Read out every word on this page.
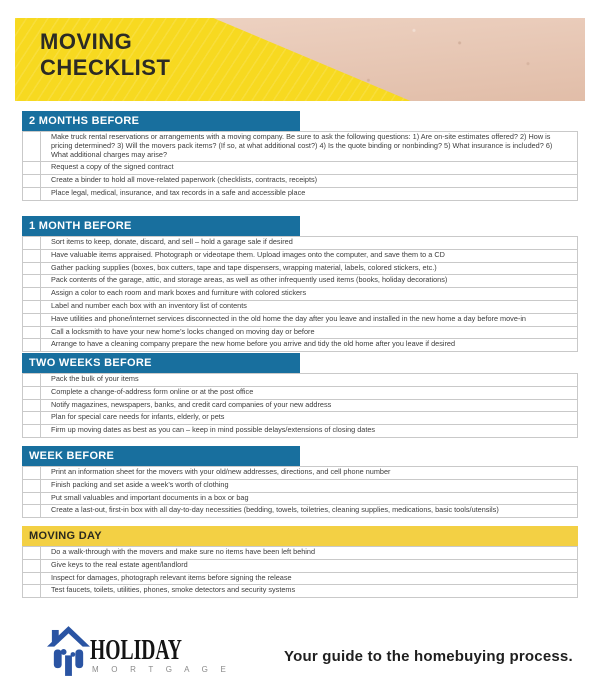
MOVING
CHECKLIST
2 MONTHS BEFORE
Make truck rental reservations or arrangements with a moving company. Be sure to ask the following questions: 1) Are on-site estimates offered? 2) How is pricing determined? 3) Will the movers pack items? (If so, at what additional cost?) 4) Is the quote binding or nonbinding? 5) What insurance is included? 6) What additional charges may arise?
Request a copy of the signed contract
Create a binder to hold all move-related paperwork (checklists, contracts, receipts)
Place legal, medical, insurance, and tax records in a safe and accessible place
1 MONTH BEFORE
Sort items to keep, donate, discard, and sell – hold a garage sale if desired
Have valuable items appraised. Photograph or videotape them. Upload images onto the computer, and save them to a CD
Gather packing supplies (boxes, box cutters, tape and tape dispensers, wrapping material, labels, colored stickers, etc.)
Pack contents of the garage, attic, and storage areas, as well as other infrequently used items (books, holiday decorations)
Assign a color to each room and mark boxes and furniture with colored stickers
Label and number each box with an inventory list of contents
Have utilities and phone/internet services disconnected in the old home the day after you leave and installed in the new home a day before move-in
Call a locksmith to have your new home’s locks changed on moving day or before
Arrange to have a cleaning company prepare the new home before you arrive and tidy the old home after you leave if desired
TWO WEEKS BEFORE
Pack the bulk of your items
Complete a change-of-address form online or at the post office
Notify magazines, newspapers, banks, and credit card companies of your new address
Plan for special care needs for infants, elderly, or pets
Firm up moving dates as best as you can – keep in mind possible delays/extensions of closing dates
WEEK BEFORE
Print an information sheet for the movers with your old/new addresses, directions, and cell phone number
Finish packing and set aside a week’s worth of clothing
Put small valuables and important documents in a box or bag
Create a last-out, first-in box with all day-to-day necessities (bedding, towels, toiletries, cleaning supplies, medications, basic tools/utensils)
MOVING DAY
Do a walk-through with the movers and make sure no items have been left behind
Give keys to the real estate agent/landlord
Inspect for damages, photograph relevant items before signing the release
Test faucets, toilets, utilities, phones, smoke detectors and security systems
HOLIDAY
M O R T G A G E
Your guide to the homebuying process.
